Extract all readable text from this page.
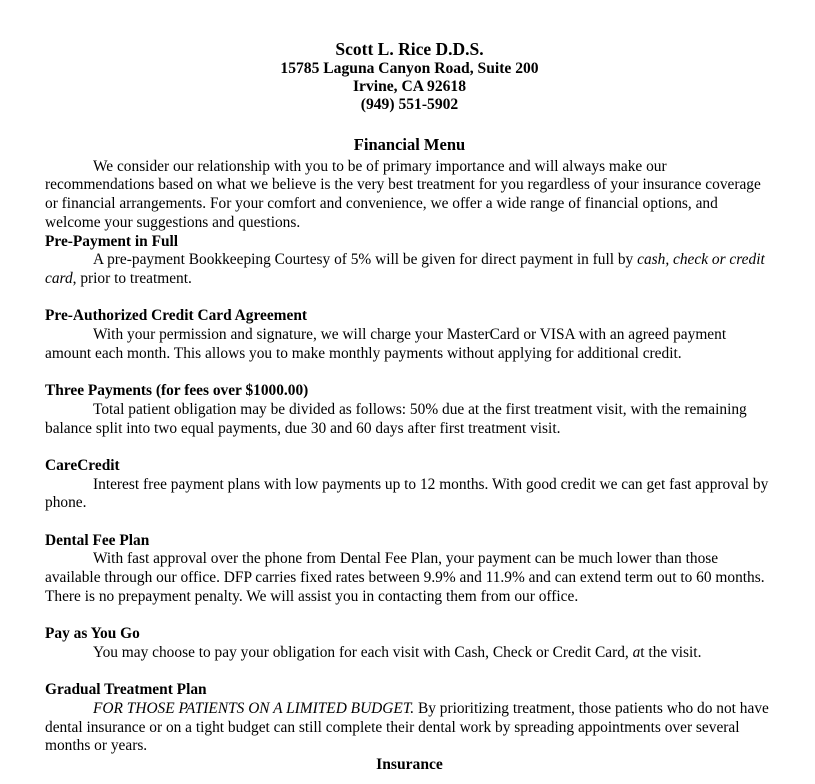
Scott L. Rice D.D.S.
15785 Laguna Canyon Road, Suite 200
Irvine, CA 92618
(949) 551-5902
Financial Menu

We consider our relationship with you to be of primary importance and will always make our recommendations based on what we believe is the very best treatment for you regardless of your insurance coverage or financial arrangements. For your comfort and convenience, we offer a wide range of financial options, and welcome your suggestions and questions.

Pre-Payment in Full

A pre-payment Bookkeeping Courtesy of 5% will be given for direct payment in full by cash, check or credit card, prior to treatment.

Pre-Authorized Credit Card Agreement

With your permission and signature, we will charge your MasterCard or VISA with an agreed payment amount each month. This allows you to make monthly payments without applying for additional credit.

Three Payments (for fees over $1000.00)

Total patient obligation may be divided as follows: 50% due at the first treatment visit, with the remaining balance split into two equal payments, due 30 and 60 days after first treatment visit.

CareCredit

Interest free payment plans with low payments up to 12 months. With good credit we can get fast approval by phone.

Dental Fee Plan

With fast approval over the phone from Dental Fee Plan, your payment can be much lower than those available through our office. DFP carries fixed rates between 9.9% and 11.9% and can extend term out to 60 months. There is no prepayment penalty. We will assist you in contacting them from our office.

Pay as You Go

You may choose to pay your obligation for each visit with Cash, Check or Credit Card, at the visit.

Gradual Treatment Plan

FOR THOSE PATIENTS ON A LIMITED BUDGET. By prioritizing treatment, those patients who do not have dental insurance or on a tight budget can still complete their dental work by spreading appointments over several months or years.

Insurance
